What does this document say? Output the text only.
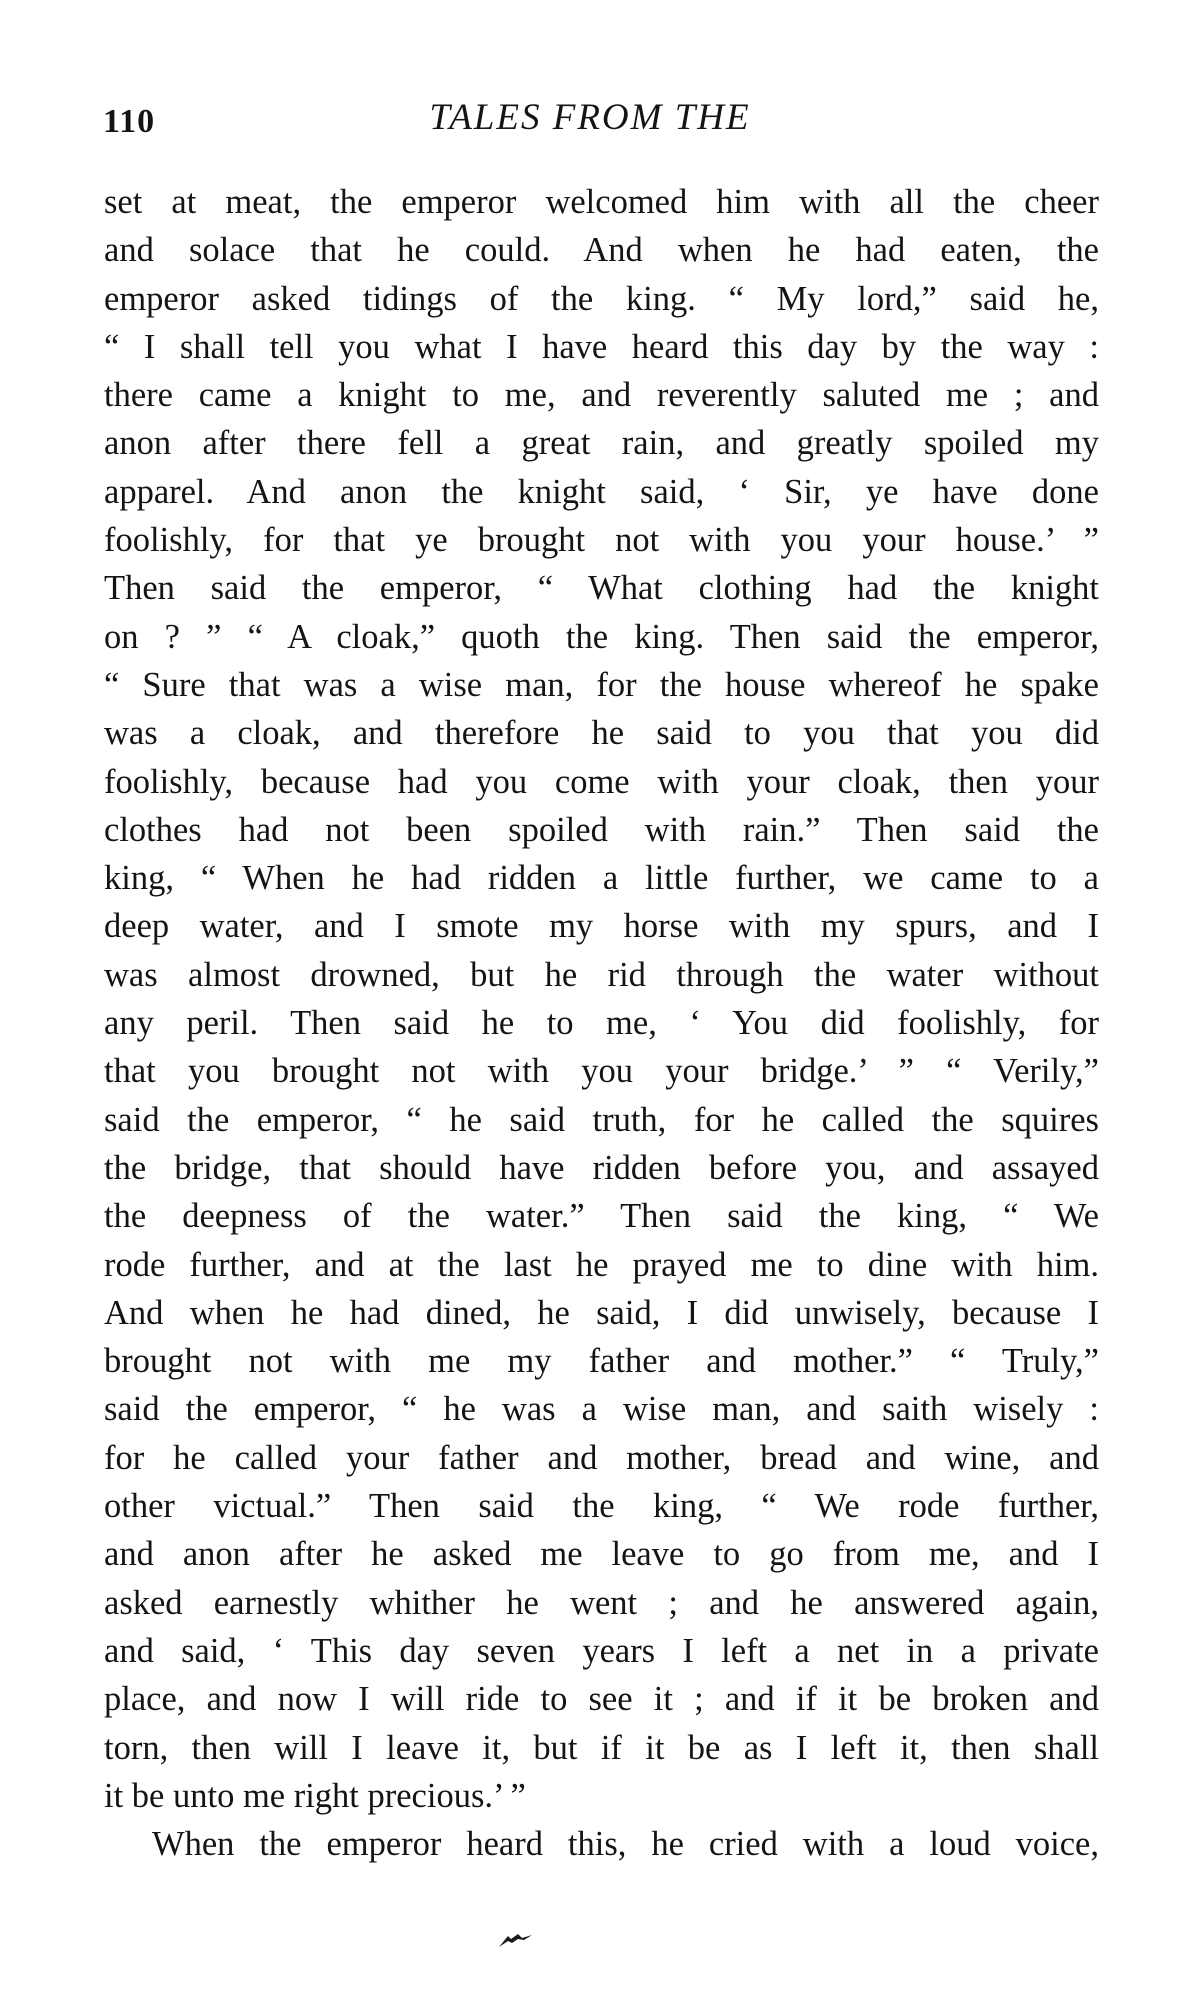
110	TALES FROM THE
set at meat, the emperor welcomed him with all the cheer
and solace that he could. And when he had eaten, the
emperor asked tidings of the king. “ My lord,” said he,
“ I shall tell you what I have heard this day by the way :
there came a knight to me, and reverently saluted me ; and
anon after there fell a great rain, and greatly spoiled my
apparel. And anon the knight said, ‘ Sir, ye have done
foolishly, for that ye brought not with you your house.’ ”
Then said the emperor, “ What clothing had the knight
on ? ” “ A cloak,” quoth the king. Then said the emperor,
“ Sure that was a wise man, for the house whereof he spake
was a cloak, and therefore he said to you that you did
foolishly, because had you come with your cloak, then your
clothes had not been spoiled with rain.” Then said the
king, “ When he had ridden a little further, we came to a
deep water, and I smote my horse with my spurs, and I
was almost drowned, but he rid through the water without
any peril. Then said he to me, ‘ You did foolishly, for
that you brought not with you your bridge.’ ” “ Verily,”
said the emperor, “ he said truth, for he called the squires
the bridge, that should have ridden before you, and assayed
the deepness of the water.” Then said the king, “ We
rode further, and at the last he prayed me to dine with him.
And when he had dined, he said, I did unwisely, because I
brought not with me my father and mother.” “ Truly,”
said the emperor, “ he was a wise man, and saith wisely :
for he called your father and mother, bread and wine, and
other victual.” Then said the king, “ We rode further,
and anon after he asked me leave to go from me, and I
asked earnestly whither he went ; and he answered again,
and said, ‘ This day seven years I left a net in a private
place, and now I will ride to see it ; and if it be broken and
torn, then will I leave it, but if it be as I left it, then shall
it be unto me right precious.’ ”
When the emperor heard this, he cried with a loud voice,
